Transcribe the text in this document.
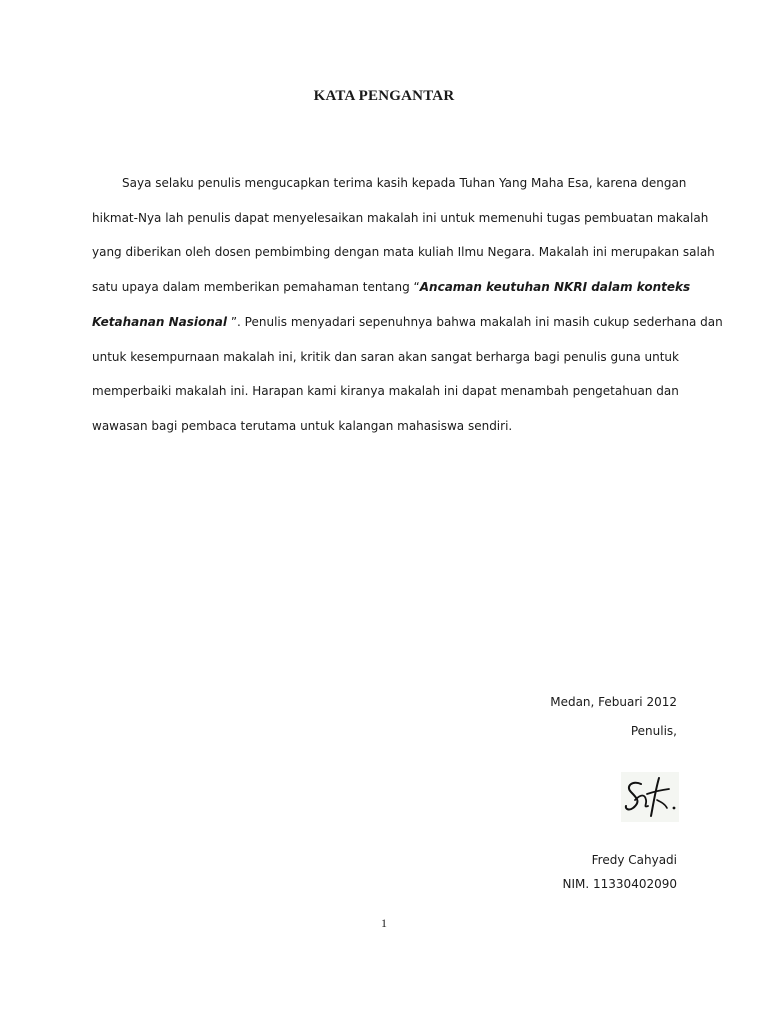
KATA PENGANTAR

Saya selaku penulis mengucapkan terima kasih kepada Tuhan Yang Maha Esa, karena dengan
hikmat-Nya lah penulis dapat menyelesaikan makalah ini untuk memenuhi tugas pembuatan makalah
yang diberikan oleh dosen pembimbing dengan mata kuliah Ilmu Negara. Makalah ini merupakan salah
satu upaya dalam memberikan pemahaman tentang “Ancaman keutuhan NKRI dalam konteks
Ketahanan Nasional ”. Penulis menyadari sepenuhnya bahwa makalah ini masih cukup sederhana dan
untuk kesempurnaan makalah ini, kritik dan saran akan sangat berharga bagi penulis guna untuk
memperbaiki makalah ini. Harapan kami kiranya makalah ini dapat menambah pengetahuan dan
wawasan bagi pembaca terutama untuk kalangan mahasiswa sendiri.

Medan, Febuari 2012
Penulis,
Fredy Cahyadi
NIM. 11330402090
1
